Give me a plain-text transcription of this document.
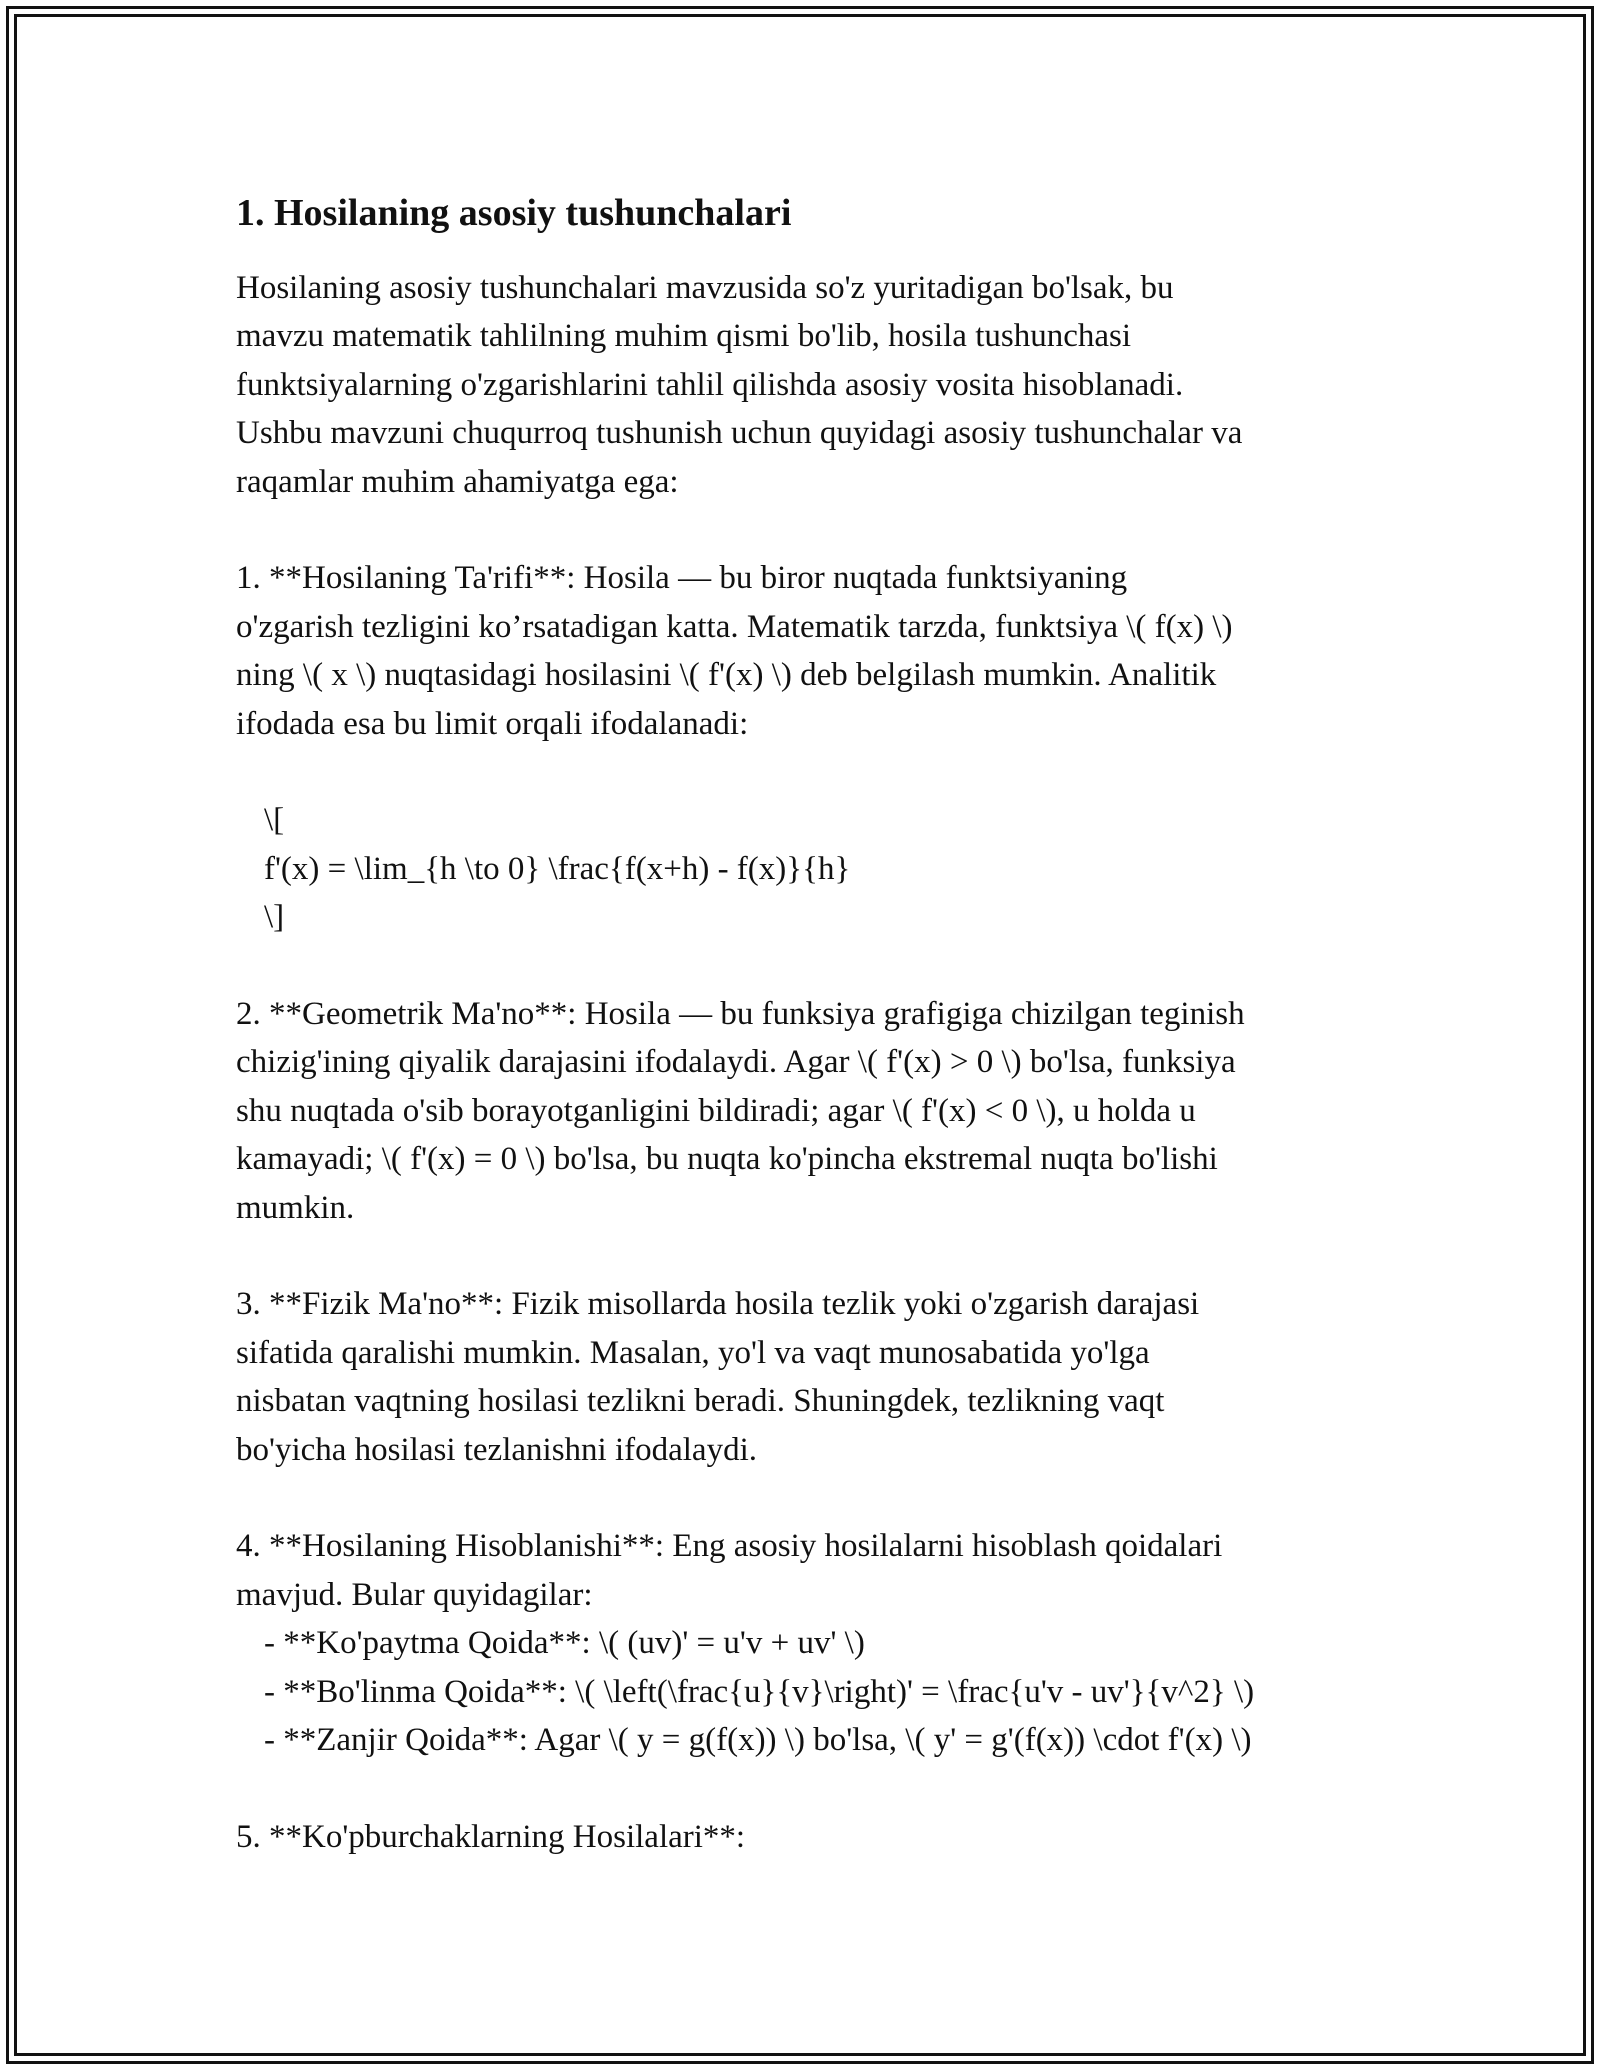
1. Hosilaning asosiy tushunchalari

Hosilaning asosiy tushunchalari mavzusida so'z yuritadigan bo'lsak, bu

mavzu matematik tahlilning muhim qismi bo'lib, hosila tushunchasi

funktsiyalarning o'zgarishlarini tahlil qilishda asosiy vosita hisoblanadi.

Ushbu mavzuni chuqurroq tushunish uchun quyidagi asosiy tushunchalar va

raqamlar muhim ahamiyatga ega:

1. **Hosilaning Ta'rifi**: Hosila — bu biror nuqtada funktsiyaning

o'zgarish tezligini ko’rsatadigan katta. Matematik tarzda, funktsiya \( f(x) \)

ning \( x \) nuqtasidagi hosilasini \( f'(x) \) deb belgilash mumkin. Analitik

ifodada esa bu limit orqali ifodalanadi:

\[

f'(x) = \lim_{h \to 0} \frac{f(x+h) - f(x)}{h}

\]

2. **Geometrik Ma'no**: Hosila — bu funksiya grafigiga chizilgan teginish

chizig'ining qiyalik darajasini ifodalaydi. Agar \( f'(x) > 0 \) bo'lsa, funksiya

shu nuqtada o'sib borayotganligini bildiradi; agar \( f'(x) < 0 \), u holda u

kamayadi; \( f'(x) = 0 \) bo'lsa, bu nuqta ko'pincha ekstremal nuqta bo'lishi

mumkin.

3. **Fizik Ma'no**: Fizik misollarda hosila tezlik yoki o'zgarish darajasi

sifatida qaralishi mumkin. Masalan, yo'l va vaqt munosabatida yo'lga

nisbatan vaqtning hosilasi tezlikni beradi. Shuningdek, tezlikning vaqt

bo'yicha hosilasi tezlanishni ifodalaydi.

4. **Hosilaning Hisoblanishi**: Eng asosiy hosilalarni hisoblash qoidalari

mavjud. Bular quyidagilar:

- **Ko'paytma Qoida**: \( (uv)' = u'v + uv' \)

- **Bo'linma Qoida**: \( \left(\frac{u}{v}\right)' = \frac{u'v - uv'}{v^2} \)

- **Zanjir Qoida**: Agar \( y = g(f(x)) \) bo'lsa, \( y' = g'(f(x)) \cdot f'(x) \)

5. **Ko'pburchaklarning Hosilalari**:
